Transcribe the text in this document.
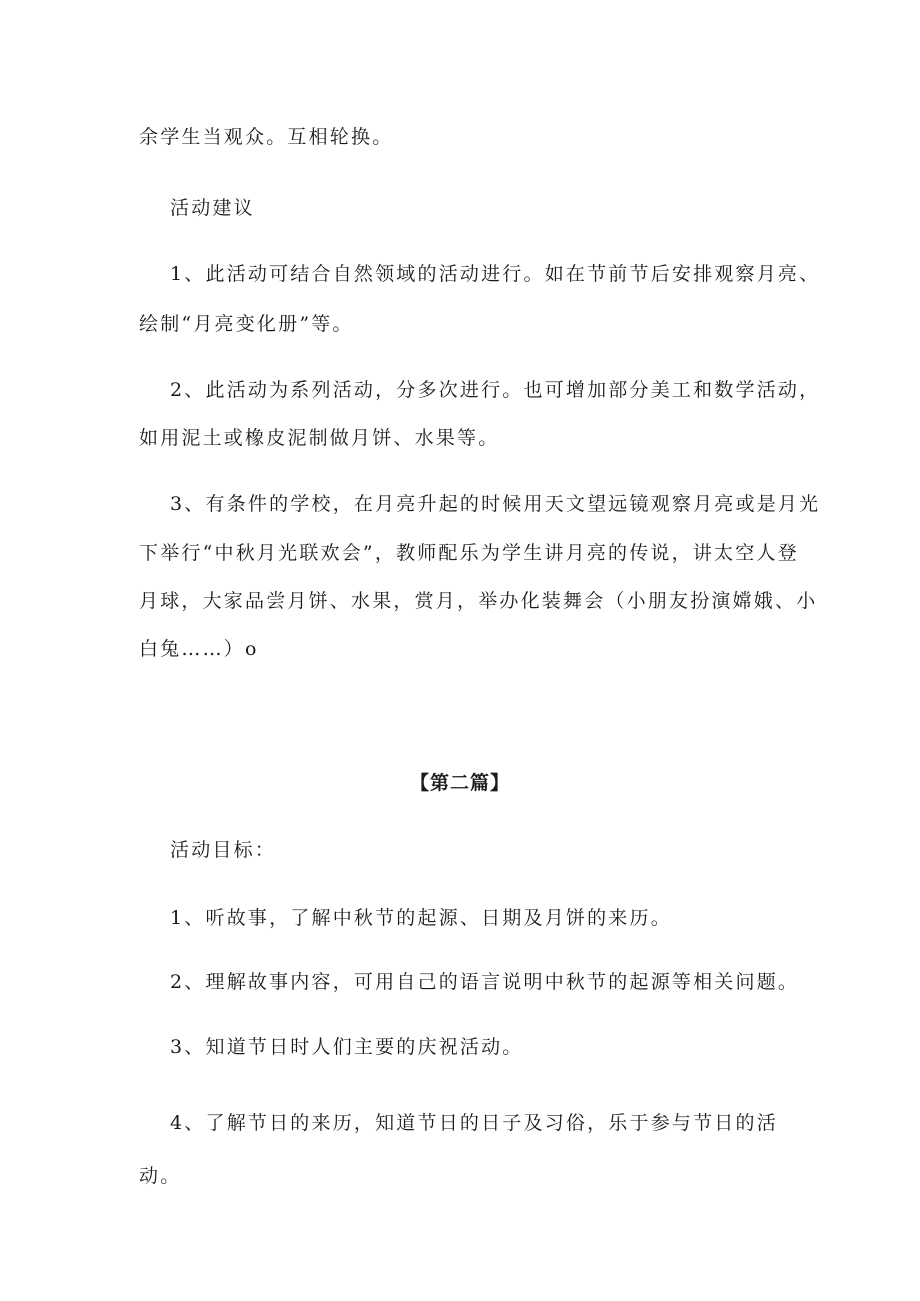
余学生当观众。互相轮换。
活动建议
1、此活动可结合自然领域的活动进行。如在节前节后安排观察月亮、
绘制“月亮变化册”等。
2、此活动为系列活动，分多次进行。也可增加部分美工和数学活动，
如用泥土或橡皮泥制做月饼、水果等。
3、有条件的学校，在月亮升起的时候用天文望远镜观察月亮或是月光
下举行“中秋月光联欢会”，教师配乐为学生讲月亮的传说，讲太空人登
月球，大家品尝月饼、水果，赏月，举办化装舞会（小朋友扮演嫦娥、小
白兔……）o
【第二篇】
活动目标：
1、听故事，了解中秋节的起源、日期及月饼的来历。
2、理解故事内容，可用自己的语言说明中秋节的起源等相关问题。
3、知道节日时人们主要的庆祝活动。
4、了解节日的来历，知道节日的日子及习俗，乐于参与节日的活
动。
